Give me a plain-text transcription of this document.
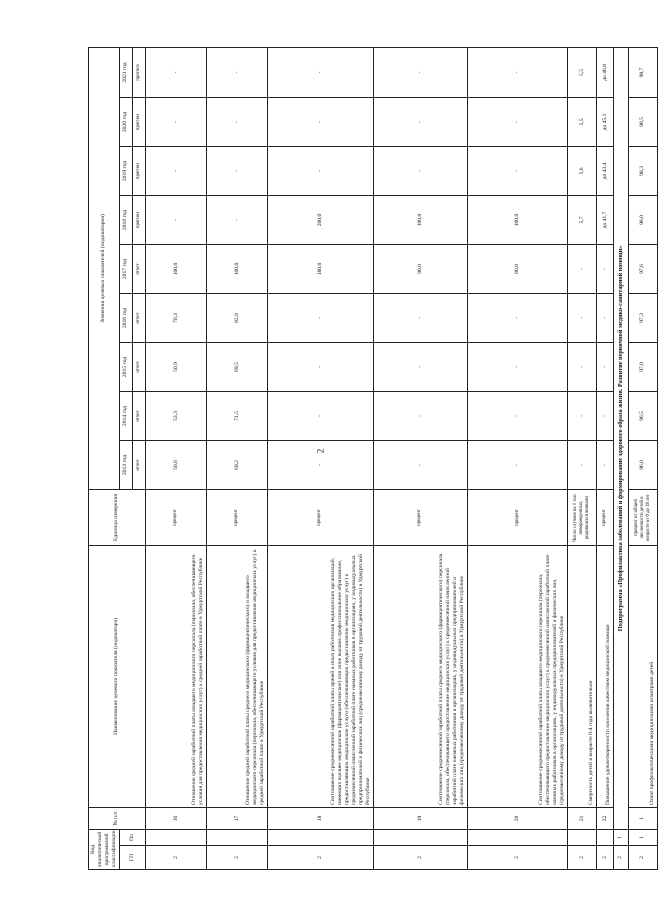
2
Код аналитической программной классификации		№ п/п	Наименование целевого показателя (индикатора)	Единица измерения	Значения целевых показателей (индикаторов)								
ГП	Пп				2013 год	2014 год	2015 год	2016 год	2017 год	2018 год	2019 год	2020 год	2021 год
					отчет	отчет	отчет	отчет	отчет	прогноз	прогноз	прогноз	прогноз
2		16	Отношение средней заработной платы младшего медицинского персонала (персонала, обеспечивающего условия для предоставления медицинских услуг) к средней заработной плате в Удмуртской Республике	процент	50,6	53,3	50,9	70,3	100,0	-	-	-	-
2		17	Отношение средней заработной платы среднего медицинского (фармацевтического) и младшего медицинского персонала (персонала, обеспечивающего условия для предоставления медицинских услуг) к средней заработной плате в Удмуртской Республике	процент	69,2	71,5	69,5	82,8	100,0	-	-	-	-
2		18	Соотношение среднемесячной заработной платы врачей и иных работников медицинских организаций, имеющих высшее медицинское (фармацевтическое) или иное высшее профессиональное образование, предоставляющих медицинские услуги (обеспечивающих предоставление медицинских услуг) к среднемесячной начисленной заработной плате наемных работников в организациях, у индивидуальных предпринимателей и физических лиц (среднемесячному доходу от трудовой деятельности) в Удмуртской Республике	процент	-	-	-	-	180,0	200,0	-	-	-
2		19	Соотношение среднемесячной заработной платы среднего медицинского (фармацевтического) персонала (персонала, обеспечивающего предоставление медицинских услуг) к среднемесячной начисленной заработной плате наемных работников в организациях, у индивидуальных предпринимателей и физических лиц (среднемесячному доходу от трудовой деятельности) в Удмуртской Республике	процент	-	-	-	-	90,0	100,0	-	-	-
2		20	Соотношение среднемесячной заработной платы младшего медицинского персонала (персонала, обеспечивающего предоставление медицинских услуг) к среднемесячной начисленной заработной плате наемных работников в организациях, у индивидуальных предпринимателей и физических лиц (среднемесячному доходу от трудовой деятельности) в Удмуртской Республике	процент	-	-	-	-	80,0	100,0	-	-	-
2		21	Смертность детей в возрасте 0-4 года включительно	Число случаев на 1 тыс. новорожденных, родившихся живыми	-	-	-	-	-	5,7	5,6	5,5	5,5
2		22	Повышение удовлетворенности населения качеством медицинской помощи	процент	-	-	-	-	-	до 41,7	до 43,4	до 45,1	до 46,8
2	1	Подпрограмма «Профилактика заболеваний и формирование здорового образа жизни. Развитие первичной медико-санитарной помощи»											
2	1	1	Охват профилактическими медицинскими осмотрами детей	процент от общей численности детей в возрасте от 0 до 18 лет	96,0	96,5	97,0	97,3	97,6	98,0	98,3	98,5	98,7
